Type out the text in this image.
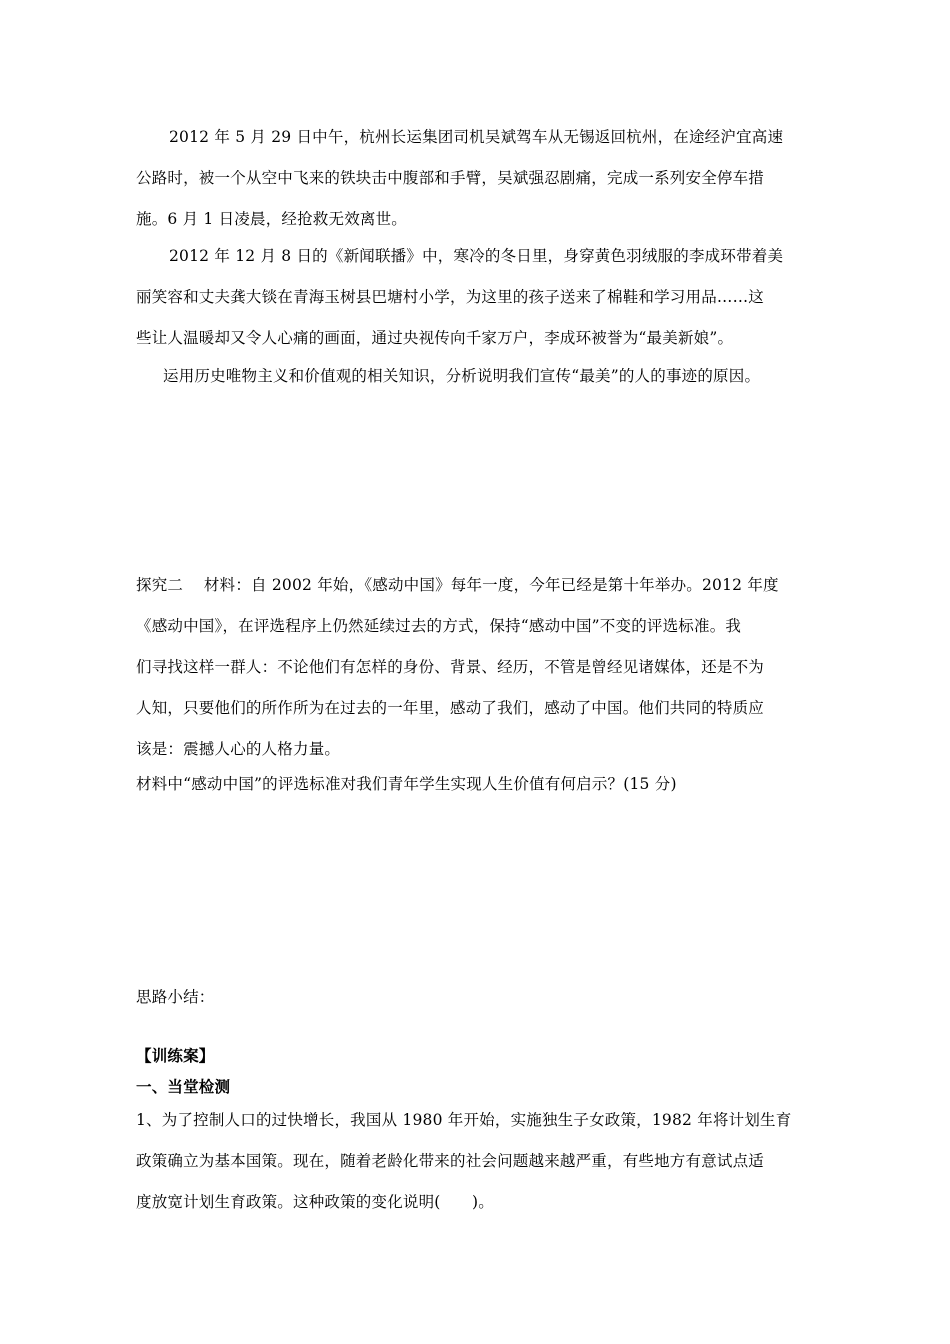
2012 年 5 月 29 日中午，杭州长运集团司机吴斌驾车从无锡返回杭州，在途经沪宜高速
公路时，被一个从空中飞来的铁块击中腹部和手臂，吴斌强忍剧痛，完成一系列安全停车措
施。6 月 1 日凌晨，经抢救无效离世。
2012 年 12 月 8 日的《新闻联播》中，寒冷的冬日里，身穿黄色羽绒服的李成环带着美
丽笑容和丈夫龚大锬在青海玉树县巴塘村小学，为这里的孩子送来了棉鞋和学习用品……这
些让人温暖却又令人心痛的画面，通过央视传向千家万户，李成环被誉为“最美新娘”。
运用历史唯物主义和价值观的相关知识，分析说明我们宣传“最美”的人的事迹的原因。
探究二　 材料：自 2002 年始，《感动中国》每年一度，今年已经是第十年举办。2012 年度
《感动中国》，在评选程序上仍然延续过去的方式，保持“感动中国”不变的评选标准。我
们寻找这样一群人：不论他们有怎样的身份、背景、经历，不管是曾经见诸媒体，还是不为
人知，只要他们的所作所为在过去的一年里，感动了我们，感动了中国。他们共同的特质应
该是：震撼人心的人格力量。
材料中“感动中国”的评选标准对我们青年学生实现人生价值有何启示？(15 分)
思路小结：
【训练案】
一、当堂检测
1、为了控制人口的过快增长，我国从 1980 年开始，实施独生子女政策，1982 年将计划生育
政策确立为基本国策。现在，随着老龄化带来的社会问题越来越严重，有些地方有意试点适
度放宽计划生育政策。这种政策的变化说明(　　)。
